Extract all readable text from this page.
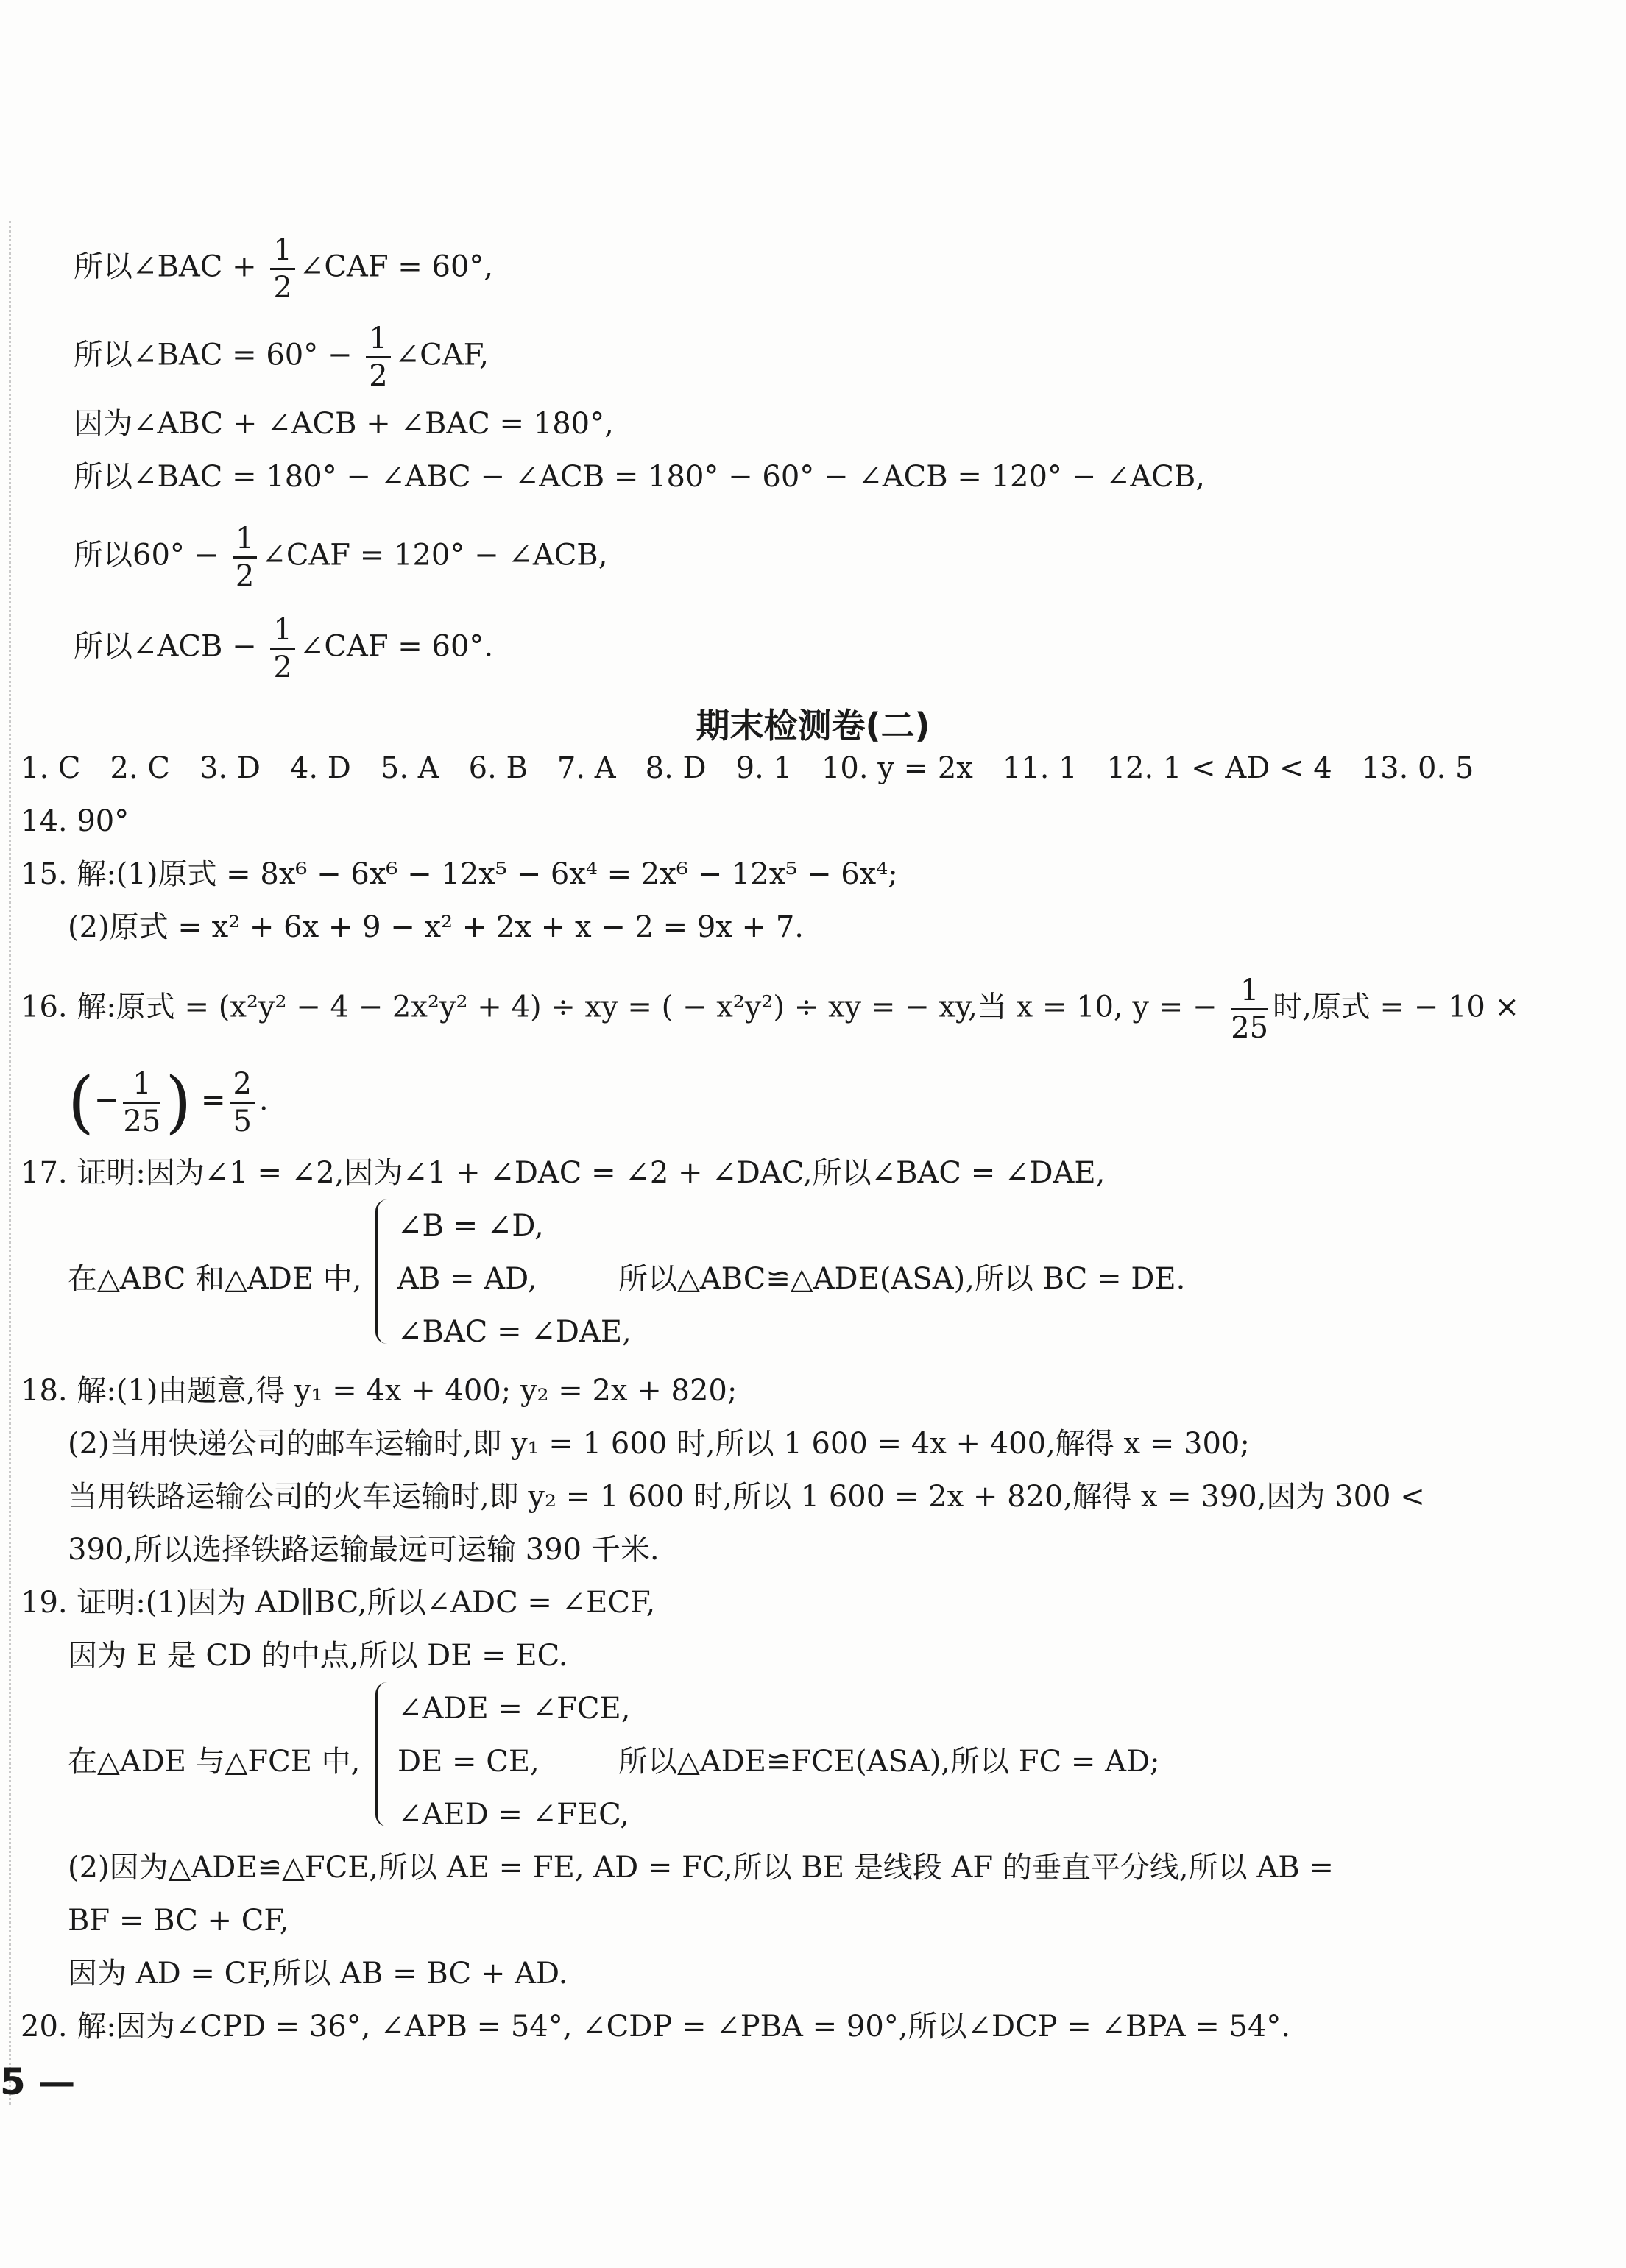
所以∠BAC + $\frac{1}{2}$ ∠CAF = 60°,
所以∠BAC = $60^\circ - \frac{1}{2}$ ∠CAF,
因为∠ABC + ∠ACB + ∠BAC = 180°,
所以∠BAC = 180° − ∠ABC − ∠ACB = 180° − 60° − ∠ACB = 120° − ∠ACB,
所以$60^\circ - \frac{1}{2}$ ∠CAF = 120° − ∠ACB,
所以∠ACB − $\frac{1}{2}$ ∠CAF = 60°.
期末检测卷(二)
1. C　2. C　3. D　4. D　5. A　6. B　7. A　8. D　9. 1　10. y = 2x　11. 1　12. 1 < AD < 4　13. 0. 5
14. 90°
15. 解:(1)原式 = 8x⁶ − 6x⁶ − 12x⁵ − 6x⁴ = 2x⁶ − 12x⁵ − 6x⁴;
(2)原式 = x² + 6x + 9 − x² + 2x + x − 2 = 9x + 7.
16. 解:原式 = (x²y² − 4 − 2x²y² + 4) ÷ xy = ( − x²y²) ÷ xy = − xy,当 x = 10, y = − $\frac{1}{25}$ 时,原式 = − 10 ×
(− $\frac{1}{25}$ ) = $\frac{2}{5}$ .
17. 证明:因为∠1 = ∠2,因为∠1 + ∠DAC = ∠2 + ∠DAC,所以∠BAC = ∠DAE,
在△ABC 和△ADE 中,
∠B = ∠D,
AB = AD,
∠BAC = ∠DAE,
所以△ABC≌△ADE(ASA),所以 BC = DE.
18. 解:(1)由题意,得 y₁ = 4x + 400; y₂ = 2x + 820;
(2)当用快递公司的邮车运输时,即 y₁ = 1 600 时,所以 1 600 = 4x + 400,解得 x = 300;
当用铁路运输公司的火车运输时,即 y₂ = 1 600 时,所以 1 600 = 2x + 820,解得 x = 390,因为 300 <
390,所以选择铁路运输最远可运输 390 千米.
19. 证明:(1)因为 AD∥BC,所以∠ADC = ∠ECF,
因为 E 是 CD 的中点,所以 DE = EC.
在△ADE 与△FCE 中,
∠ADE = ∠FCE,
DE = CE,
∠AED = ∠FEC,
所以△ADE≌FCE(ASA),所以 FC = AD;
(2)因为△ADE≌△FCE,所以 AE = FE, AD = FC,所以 BE 是线段 AF 的垂直平分线,所以 AB =
BF = BC + CF,
因为 AD = CF,所以 AB = BC + AD.
20. 解:因为∠CPD = 36°, ∠APB = 54°, ∠CDP = ∠PBA = 90°,所以∠DCP = ∠BPA = 54°.
5 —
